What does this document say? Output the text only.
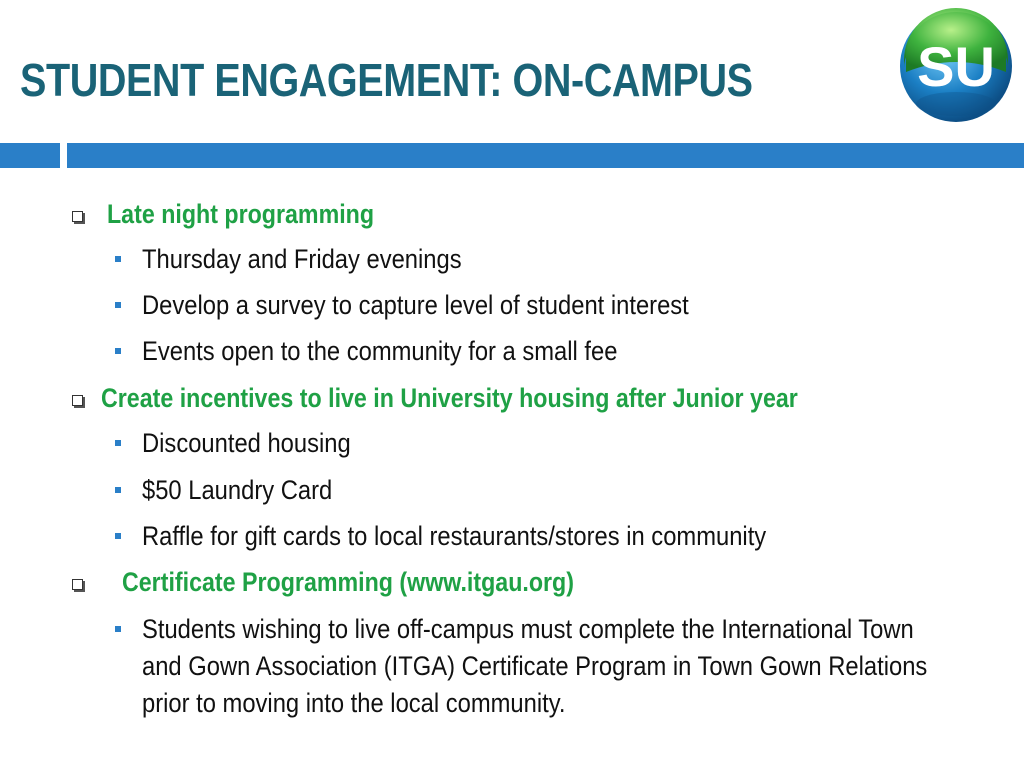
STUDENT ENGAGEMENT: ON-CAMPUS	SU
Late night programming
Thursday and Friday evenings
Develop a survey to capture level of student interest
Events open to the community for a small fee
Create incentives to live in University housing after Junior year
Discounted housing
$50 Laundry Card
Raffle for gift cards to local restaurants/stores in community
Certificate Programming (www.itgau.org)
Students wishing to live off-campus must complete the International Town
and Gown Association (ITGA) Certificate Program in Town Gown Relations
prior to moving into the local community.
